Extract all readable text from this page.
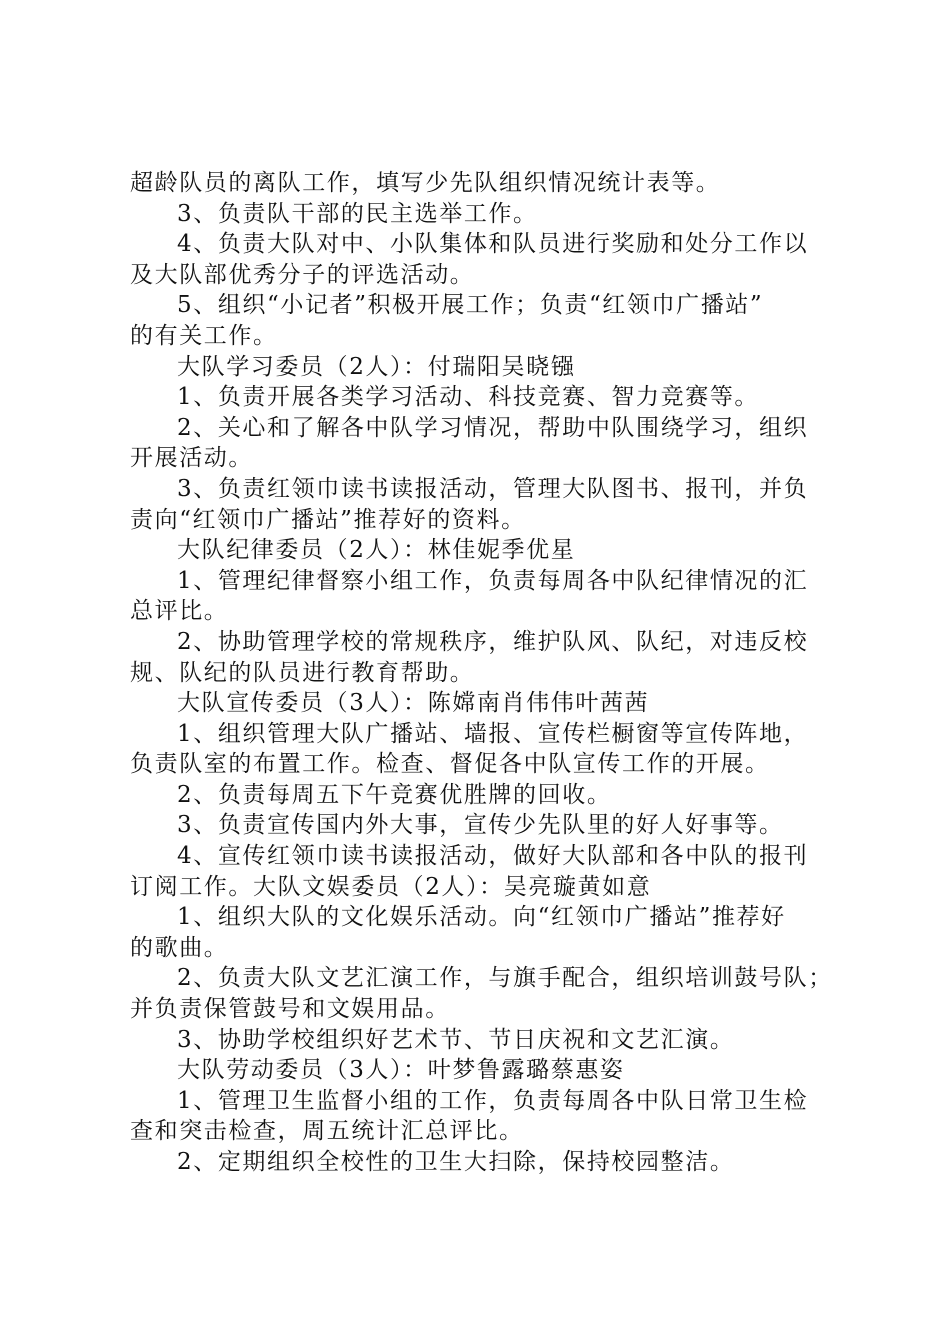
超龄队员的离队工作，填写少先队组织情况统计表等。
3、负责队干部的民主选举工作。
4、负责大队对中、小队集体和队员进行奖励和处分工作以
及大队部优秀分子的评选活动。
5、组织“小记者”积极开展工作；负责“红领巾广播站”
的有关工作。
大队学习委员（2人）：付瑞阳吴晓镪
1、负责开展各类学习活动、科技竞赛、智力竞赛等。
2、关心和了解各中队学习情况，帮助中队围绕学习，组织
开展活动。
3、负责红领巾读书读报活动，管理大队图书、报刊，并负
责向“红领巾广播站”推荐好的资料。
大队纪律委员（2人）：林佳妮季优星
1、管理纪律督察小组工作，负责每周各中队纪律情况的汇
总评比。
2、协助管理学校的常规秩序，维护队风、队纪，对违反校
规、队纪的队员进行教育帮助。
大队宣传委员（3人）：陈嫦南肖伟伟叶茜茜
1、组织管理大队广播站、墙报、宣传栏橱窗等宣传阵地，
负责队室的布置工作。检查、督促各中队宣传工作的开展。
2、负责每周五下午竞赛优胜牌的回收。
3、负责宣传国内外大事，宣传少先队里的好人好事等。
4、宣传红领巾读书读报活动，做好大队部和各中队的报刊
订阅工作。大队文娱委员（2人）：吴亮璇黄如意
1、组织大队的文化娱乐活动。向“红领巾广播站”推荐好
的歌曲。
2、负责大队文艺汇演工作，与旗手配合，组织培训鼓号队；
并负责保管鼓号和文娱用品。
3、协助学校组织好艺术节、节日庆祝和文艺汇演。
大队劳动委员（3人）：叶梦鲁露璐蔡惠姿
1、管理卫生监督小组的工作，负责每周各中队日常卫生检
查和突击检查，周五统计汇总评比。
2、定期组织全校性的卫生大扫除，保持校园整洁。
